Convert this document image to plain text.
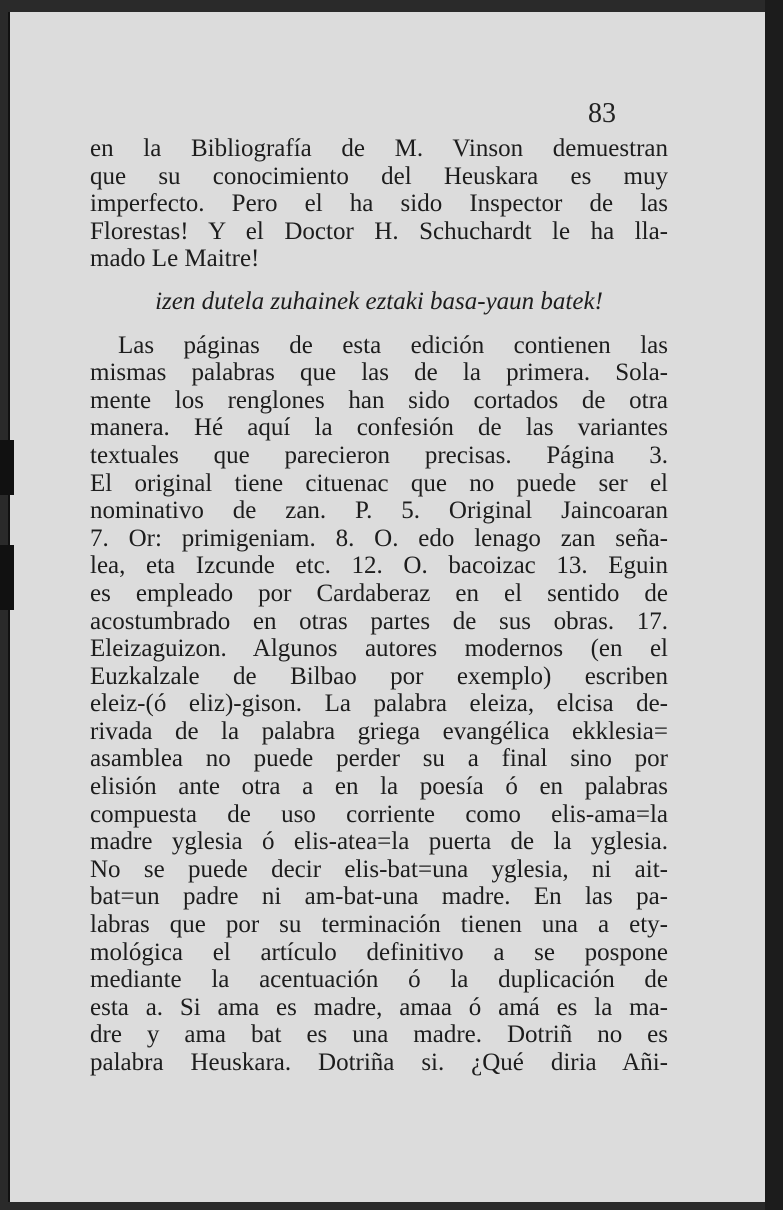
83
en la Bibliografía de M. Vinson demuestran
que su conocimiento del Heuskara es muy
imperfecto. Pero el ha sido Inspector de las
Florestas! Y el Doctor H. Schuchardt le ha lla-
mado Le Maitre!
izen dutela zuhainek eztaki basa-yaun batek!
Las páginas de esta edición contienen las
mismas palabras que las de la primera. Sola-
mente los renglones han sido cortados de otra
manera. Hé aquí la confesión de las variantes
textuales que parecieron precisas. Página 3.
El original tiene cituenac que no puede ser el
nominativo de zan. P. 5. Original Jaincoaran
7. Or: primigeniam. 8. O. edo lenago zan seña-
lea, eta Izcunde etc. 12. O. bacoizac 13. Eguin
es empleado por Cardaberaz en el sentido de
acostumbrado en otras partes de sus obras. 17.
Eleizaguizon. Algunos autores modernos (en el
Euzkalzale de Bilbao por exemplo) escriben
eleiz-(ó eliz)-gison. La palabra eleiza, elcisa de-
rivada de la palabra griega evangélica ekklesia=
asamblea no puede perder su a final sino por
elisión ante otra a en la poesía ó en palabras
compuesta de uso corriente como elis-ama=la
madre yglesia ó elis-atea=la puerta de la yglesia.
No se puede decir elis-bat=una yglesia, ni ait-
bat=un padre ni am-bat-una madre. En las pa-
labras que por su terminación tienen una a ety-
mológica el artículo definitivo a se pospone
mediante la acentuación ó la duplicación de
esta a. Si ama es madre, amaa ó amá es la ma-
dre y ama bat es una madre. Dotriñ no es
palabra Heuskara. Dotriña si. ¿Qué diria Añi-
